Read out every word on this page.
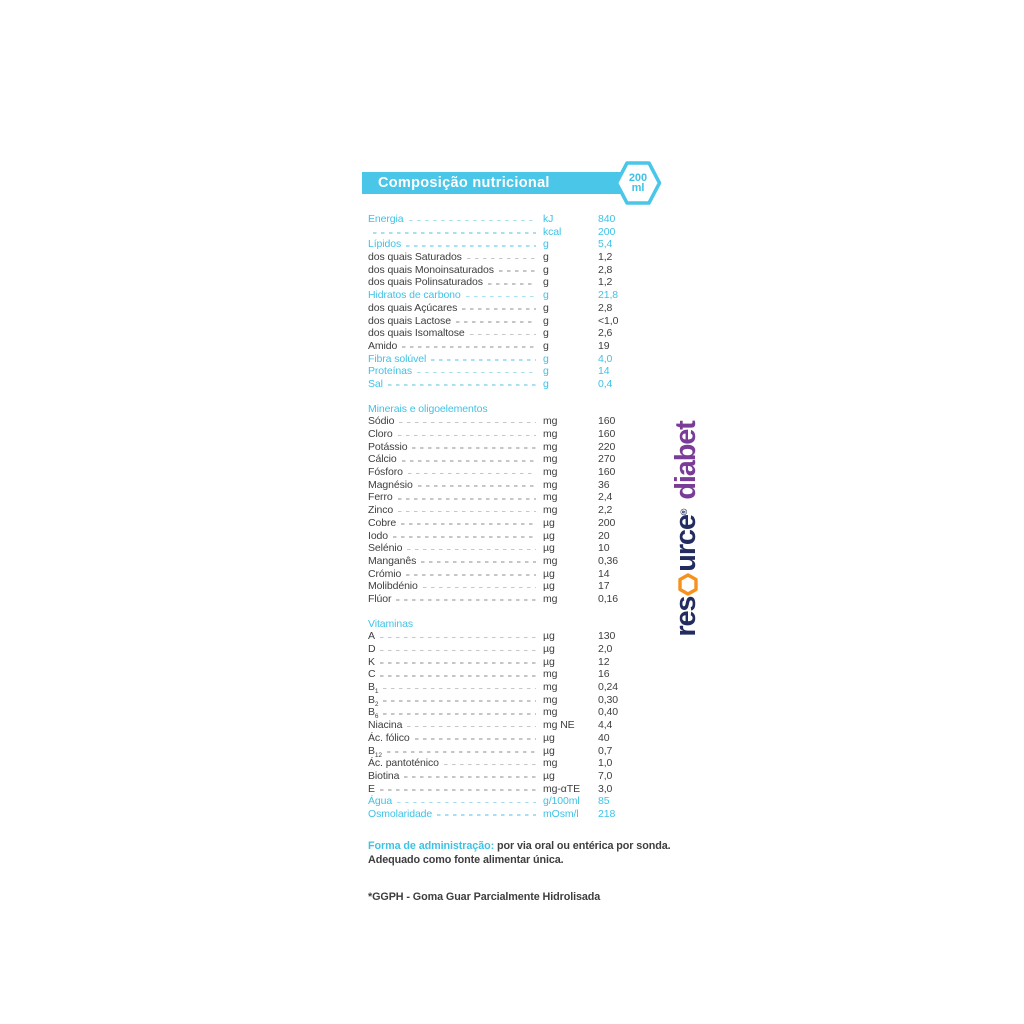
Composição nutricional	200
ml
Energia	kJ	840
kcal	200
Lípidos	g	5,4
dos quais Saturados	g	1,2
dos quais Monoinsaturados	g	2,8
dos quais Polinsaturados	g	1,2
Hidratos de carbono	g	21,8
dos quais Açúcares	g	2,8
dos quais Lactose	g	<1,0
dos quais Isomaltose	g	2,6
Amido	g	19
Fibra solúvel	g	4,0
Proteínas	g	14
Sal	g	0,4
Minerais e oligoelementos
Sódio	mg	160
Cloro	mg	160
Potássio	mg	220
Cálcio	mg	270
Fósforo	mg	160
Magnésio	mg	36
Ferro	mg	2,4
Zinco	mg	2,2
Cobre	µg	200
Iodo	µg	20
Selénio	µg	10
Manganês	mg	0,36
Crómio	µg	14
Molibdénio	µg	17
Flúor	mg	0,16
Vitaminas
A	µg	130
D	µg	2,0
K	µg	12
C	mg	16
$B_1$	mg	0,24
$B_2$	mg	0,30
$B_6$	mg	0,40
Niacina	mg NE	4,4
Ác. fólico	µg	40
$B_{12}$	µg	0,7
Ác. pantoténico	mg	1,0
Biotina	µg	7,0
E	mg-αTE	3,0
Água	g/100ml	85
Osmolaridade	mOsm/l	218
Forma de administração: por via oral ou entérica por sonda.
Adequado como fonte alimentar única.
*GGPH - Goma Guar Parcialmente Hidrolisada
res
urce
®
diabet
